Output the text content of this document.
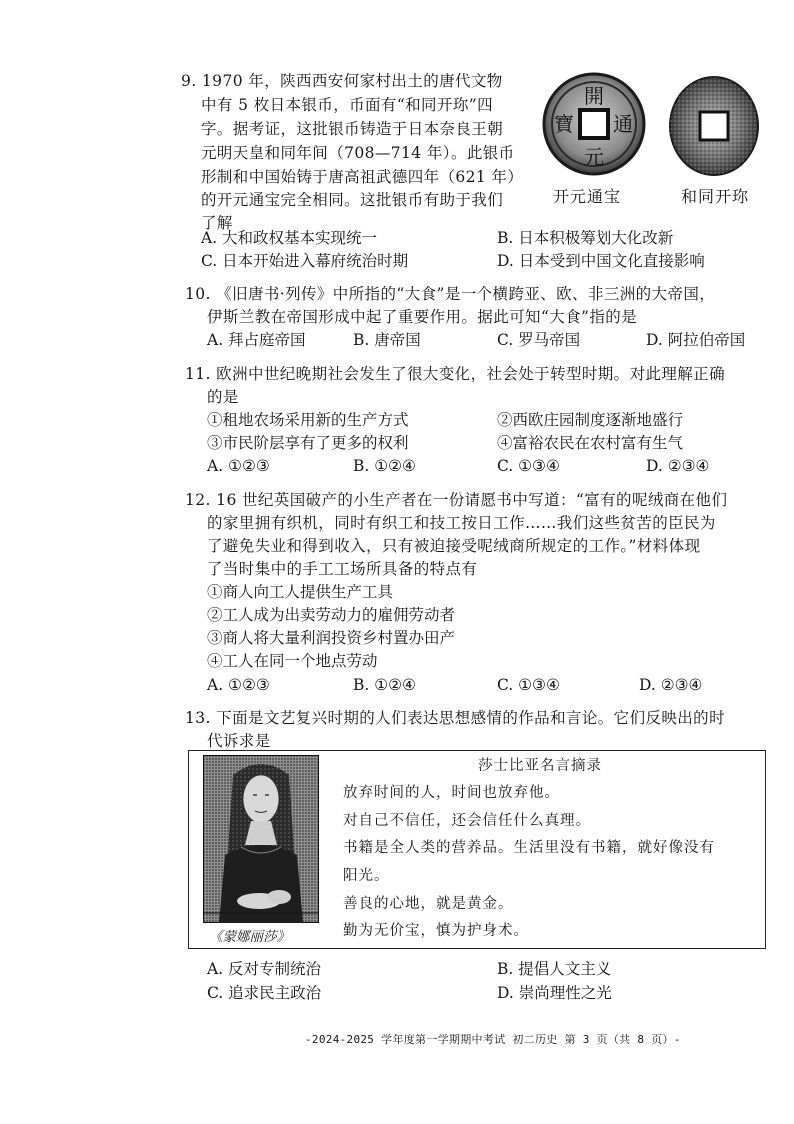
9. 1970 年，陕西西安何家村出土的唐代文物
中有 5 枚日本银币，币面有“和同开珎”四
字。据考证，这批银币铸造于日本奈良王朝
元明天皇和同年间（708—714 年）。此银币
形制和中国始铸于唐高祖武德四年（621 年）
的开元通宝完全相同。这批银币有助于我们
了解
開
元
通
寶
开元通宝	和同开珎
A. 大和政权基本实现统一	B. 日本积极筹划大化改新
C. 日本开始进入幕府统治时期	D. 日本受到中国文化直接影响
10. 《旧唐书·列传》中所指的“大食”是一个横跨亚、欧、非三洲的大帝国，
伊斯兰教在帝国形成中起了重要作用。据此可知“大食”指的是
A. 拜占庭帝国	B. 唐帝国	C. 罗马帝国	D. 阿拉伯帝国
11. 欧洲中世纪晚期社会发生了很大变化，社会处于转型时期。对此理解正确
的是
①租地农场采用新的生产方式	②西欧庄园制度逐渐地盛行
③市民阶层享有了更多的权利	④富裕农民在农村富有生气
A. ①②③	B. ①②④	C. ①③④	D. ②③④
12. 16 世纪英国破产的小生产者在一份请愿书中写道：“富有的呢绒商在他们
的家里拥有织机，同时有织工和技工按日工作……我们这些贫苦的臣民为
了避免失业和得到收入，只有被迫接受呢绒商所规定的工作。”材料体现
了当时集中的手工工场所具备的特点有
①商人向工人提供生产工具
②工人成为出卖劳动力的雇佣劳动者
③商人将大量利润投资乡村置办田产
④工人在同一个地点劳动
A. ①②③	B. ①②④	C. ①③④	D. ②③④
13. 下面是文艺复兴时期的人们表达思想感情的作品和言论。它们反映出的时
代诉求是
《蒙娜丽莎》
莎士比亚名言摘录
放弃时间的人，时间也放弃他。
对自己不信任，还会信任什么真理。
书籍是全人类的营养品。生活里没有书籍，就好像没有
阳光。
善良的心地，就是黄金。
勤为无价宝，慎为护身术。
A. 反对专制统治	B. 提倡人文主义
C. 追求民主政治	D. 崇尚理性之光
-2024-2025 学年度第一学期期中考试 初二历史 第 3 页（共 8 页）-
